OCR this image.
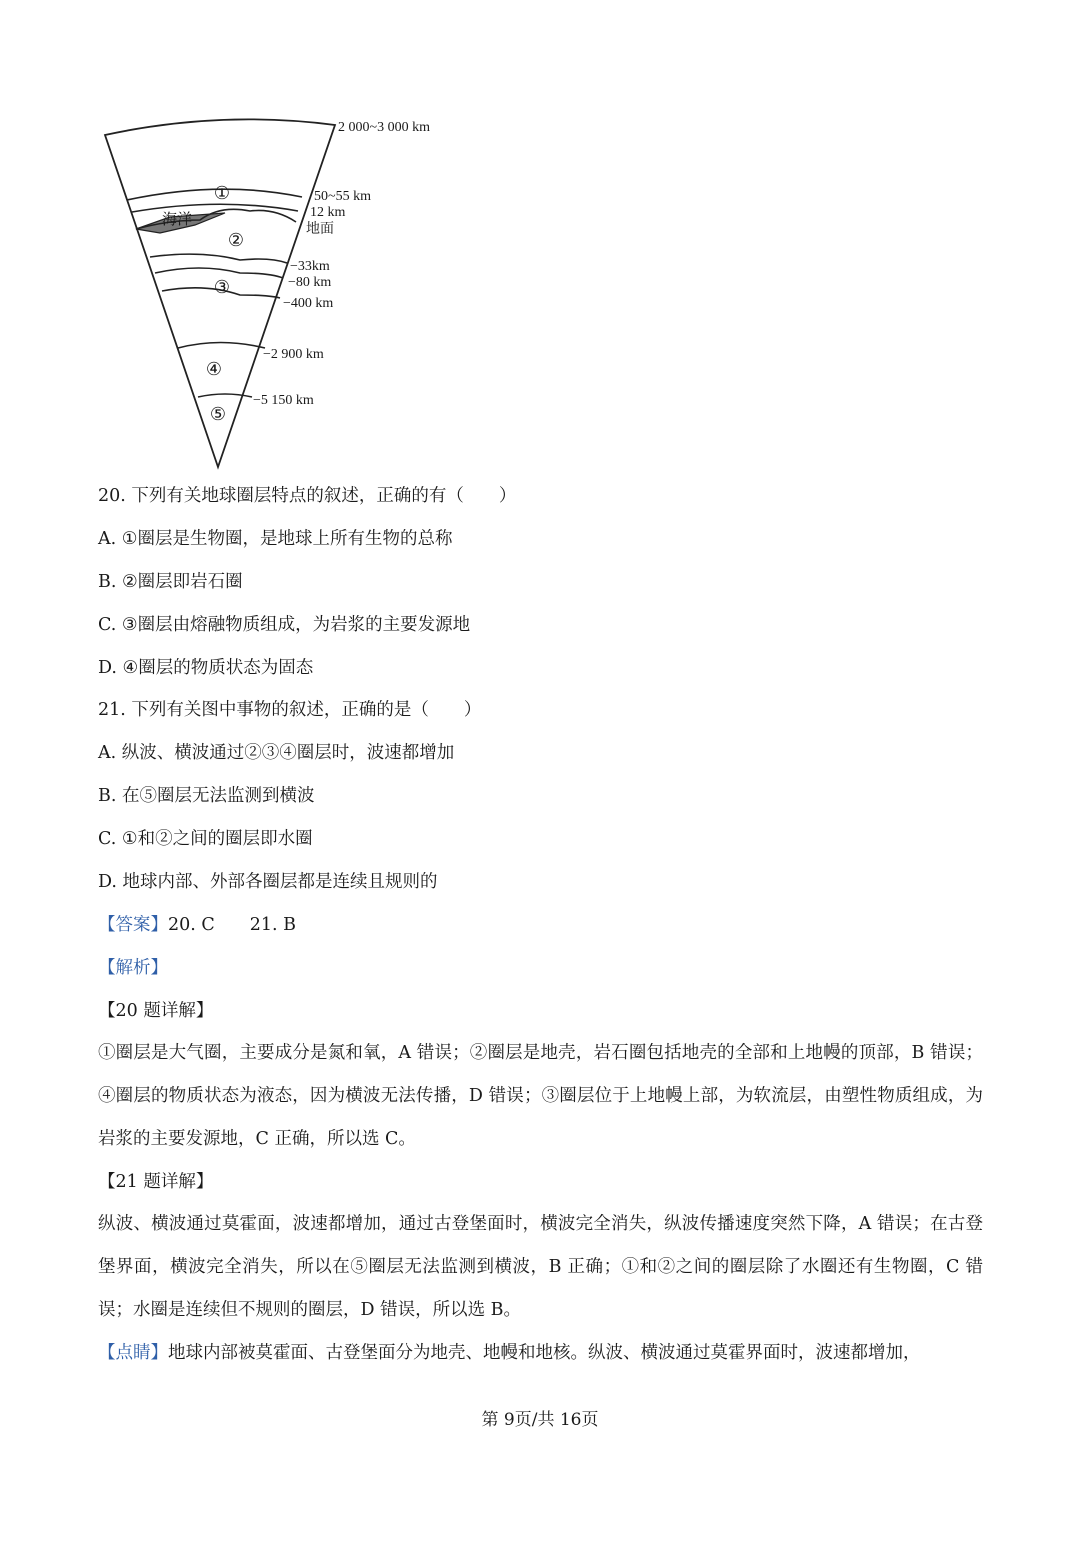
①
②
③
④
⑤
海洋
2 000~3 000 km
50~55 km
12 km
地面
−33km
−80 km
−400 km
−2 900 km
−5 150 km
20. 下列有关地球圈层特点的叙述，正确的有（　　）
A. ①圈层是生物圈，是地球上所有生物的总称
B. ②圈层即岩石圈
C. ③圈层由熔融物质组成，为岩浆的主要发源地
D. ④圈层的物质状态为固态
21. 下列有关图中事物的叙述，正确的是（　　）
A. 纵波、横波通过②③④圈层时，波速都增加
B. 在⑤圈层无法监测到横波
C. ①和②之间的圈层即水圈
D. 地球内部、外部各圈层都是连续且规则的
【答案】20. C　　21. B
【解析】
【20 题详解】
①圈层是大气圈，主要成分是氮和氧，A 错误；②圈层是地壳，岩石圈包括地壳的全部和上地幔的顶部，B 错误；④圈层的物质状态为液态，因为横波无法传播，D 错误；③圈层位于上地幔上部，为软流层，由塑性物质组成，为岩浆的主要发源地，C 正确，所以选 C。
【21 题详解】
纵波、横波通过莫霍面，波速都增加，通过古登堡面时，横波完全消失，纵波传播速度突然下降，A 错误；在古登堡界面，横波完全消失，所以在⑤圈层无法监测到横波，B 正确；①和②之间的圈层除了水圈还有生物圈，C 错误；水圈是连续但不规则的圈层，D 错误，所以选 B。
【点睛】地球内部被莫霍面、古登堡面分为地壳、地幔和地核。纵波、横波通过莫霍界面时，波速都增加，
第 9页/共 16页
